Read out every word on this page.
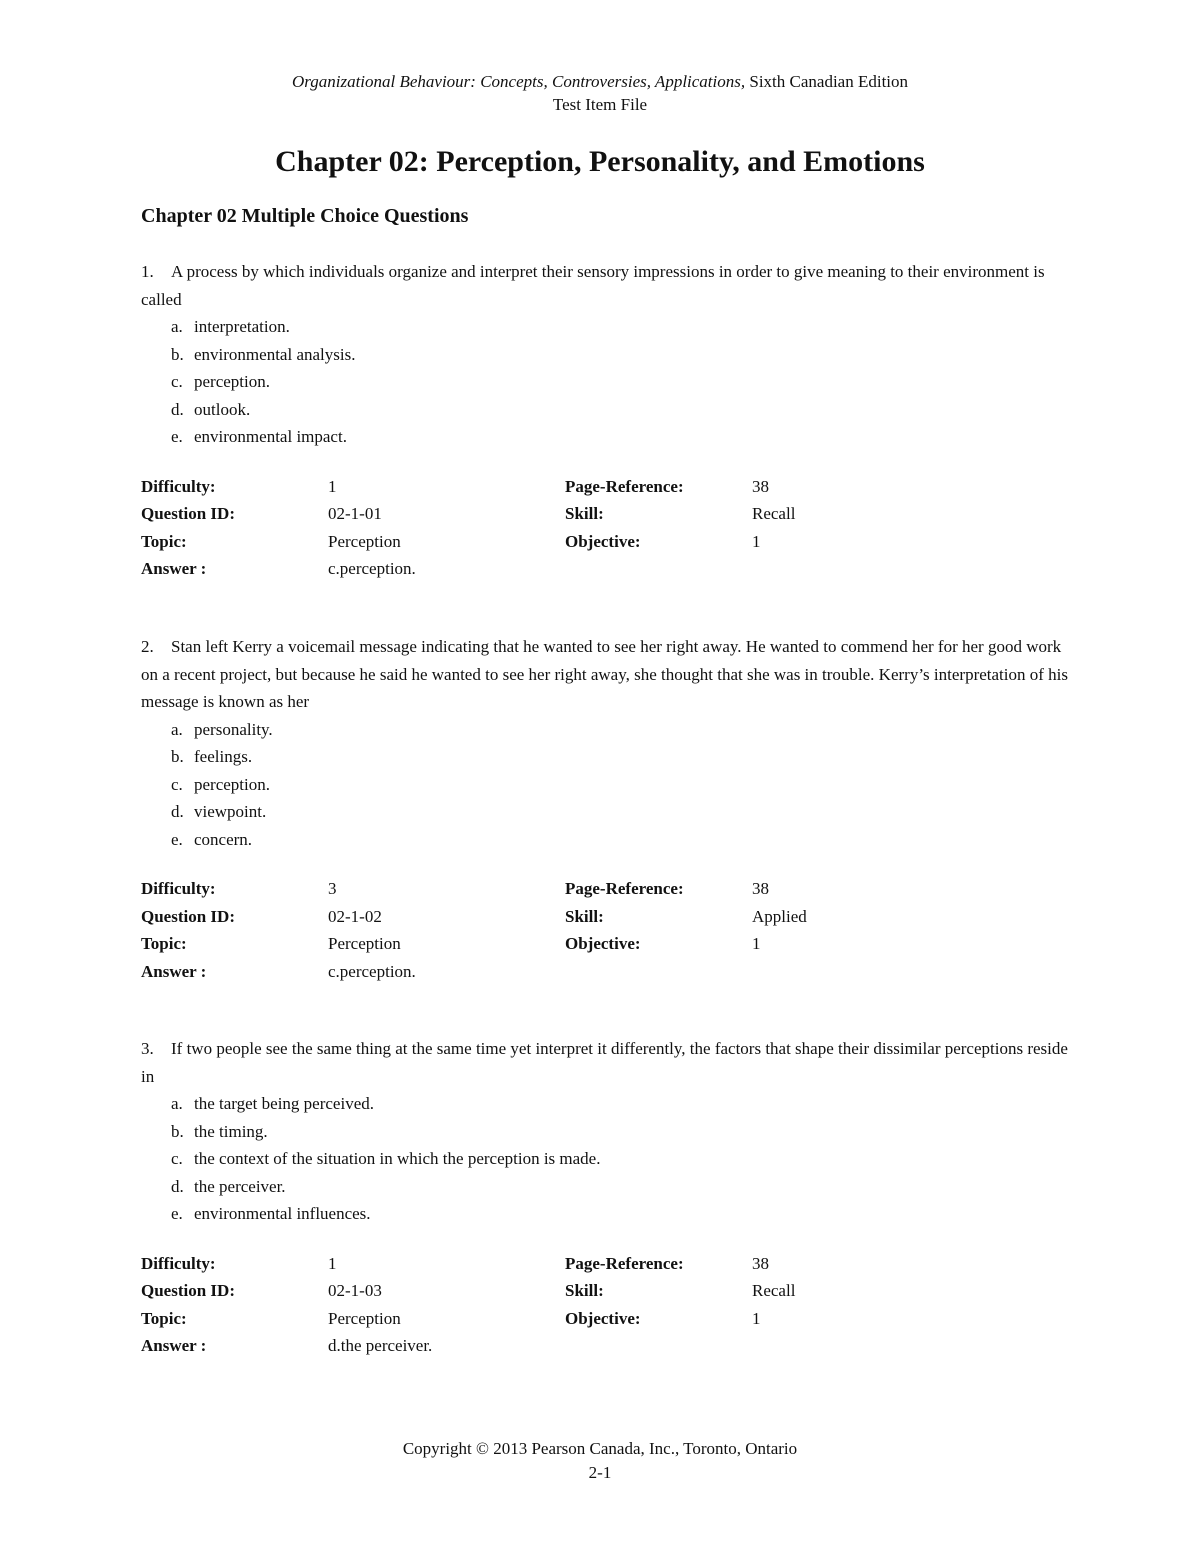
Organizational Behaviour: Concepts, Controversies, Applications, Sixth Canadian Edition
Test Item File
Chapter 02: Perception, Personality, and Emotions
Chapter 02 Multiple Choice Questions

1. A process by which individuals organize and interpret their sensory impressions in order to give meaning to their environment is called

a. interpretation.
b. environmental analysis.
c. perception.
d. outlook.
e. environmental impact.
Difficulty:	1	Page-Reference:	38
Question ID:	02-1-01	Skill:	Recall
Topic:	Perception	Objective:	1
Answer :	c.perception.

2. Stan left Kerry a voicemail message indicating that he wanted to see her right away. He wanted to commend her for her good work on a recent project, but because he said he wanted to see her right away, she thought that she was in trouble. Kerry’s interpretation of his message is known as her

a. personality.
b. feelings.
c. perception.
d. viewpoint.
e. concern.
Difficulty:	3	Page-Reference:	38
Question ID:	02-1-02	Skill:	Applied
Topic:	Perception	Objective:	1
Answer :	c.perception.

3. If two people see the same thing at the same time yet interpret it differently, the factors that shape their dissimilar perceptions reside in

a. the target being perceived.
b. the timing.
c. the context of the situation in which the perception is made.
d. the perceiver.
e. environmental influences.
Difficulty:	1	Page-Reference:	38
Question ID:	02-1-03	Skill:	Recall
Topic:	Perception	Objective:	1
Answer :	d.the perceiver.
Copyright © 2013 Pearson Canada, Inc., Toronto, Ontario
2-1
